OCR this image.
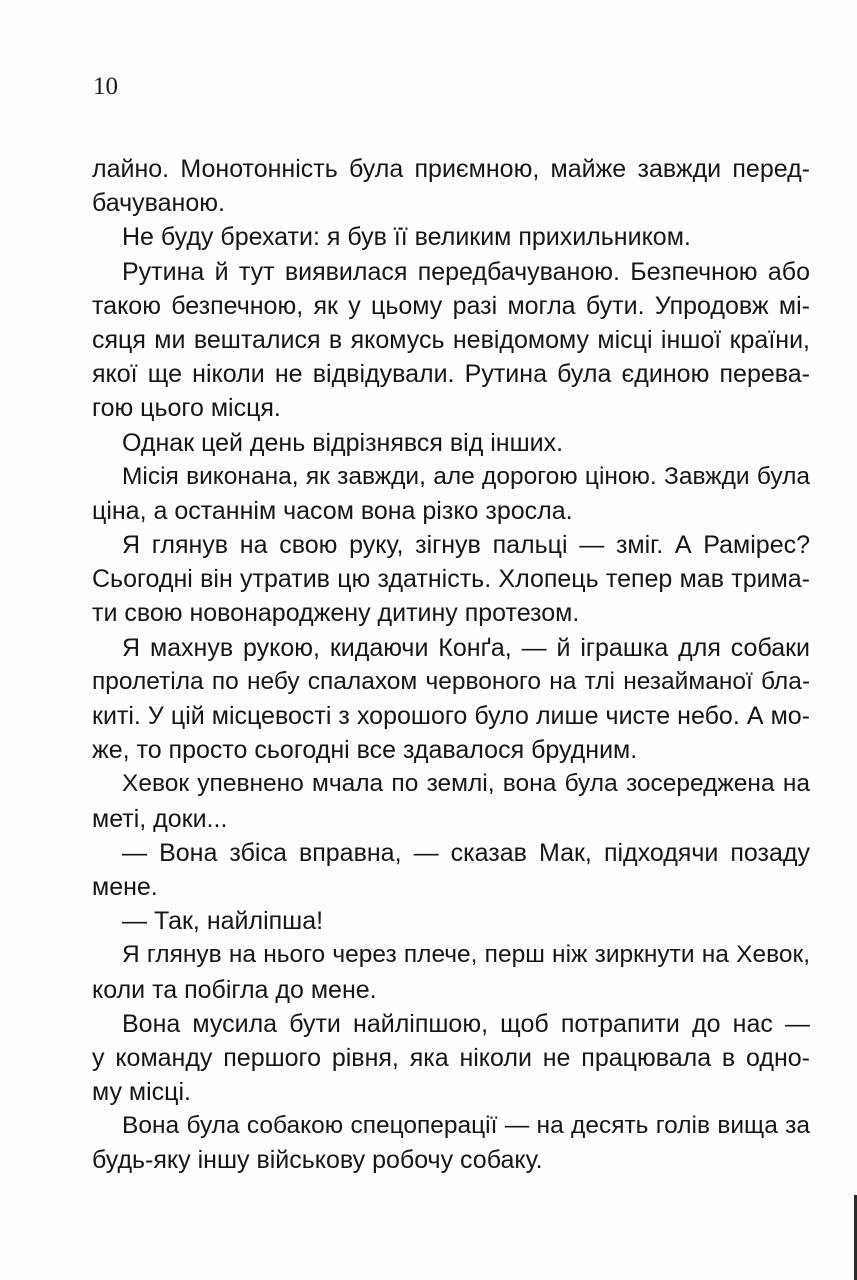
10
лайно. Монотонність була приємною, майже завжди перед-
бачуваною.
Не буду брехати: я був її великим прихильником.
Рутина й тут виявилася передбачуваною. Безпечною або
такою безпечною, як у цьому разі могла бути. Упродовж мі-
сяця ми вешталися в якомусь невідомому місці іншої країни,
якої ще ніколи не відвідували. Рутина була єдиною перева-
гою цього місця.
Однак цей день відрізнявся від інших.
Місія виконана, як завжди, але дорогою ціною. Завжди була
ціна, а останнім часом вона різко зросла.
Я глянув на свою руку, зігнув пальці — зміг. А Рамірес?
Сьогодні він утратив цю здатність. Хлопець тепер мав трима-
ти свою новонароджену дитину протезом.
Я махнув рукою, кидаючи Конґа, — й іграшка для собаки
пролетіла по небу спалахом червоного на тлі незайманої бла-
киті. У цій місцевості з хорошого було лише чисте небо. А мо-
же, то просто сьогодні все здавалося брудним.
Хевок упевнено мчала по землі, вона була зосереджена на
меті, доки...
— Вона збіса вправна, — сказав Мак, підходячи позаду
мене.
— Так, найліпша!
Я глянув на нього через плече, перш ніж зиркнути на Хевок,
коли та побігла до мене.
Вона мусила бути найліпшою, щоб потрапити до нас —
у команду першого рівня, яка ніколи не працювала в одно-
му місці.
Вона була собакою спецоперації — на десять голів вища за
будь-яку іншу військову робочу собаку.
